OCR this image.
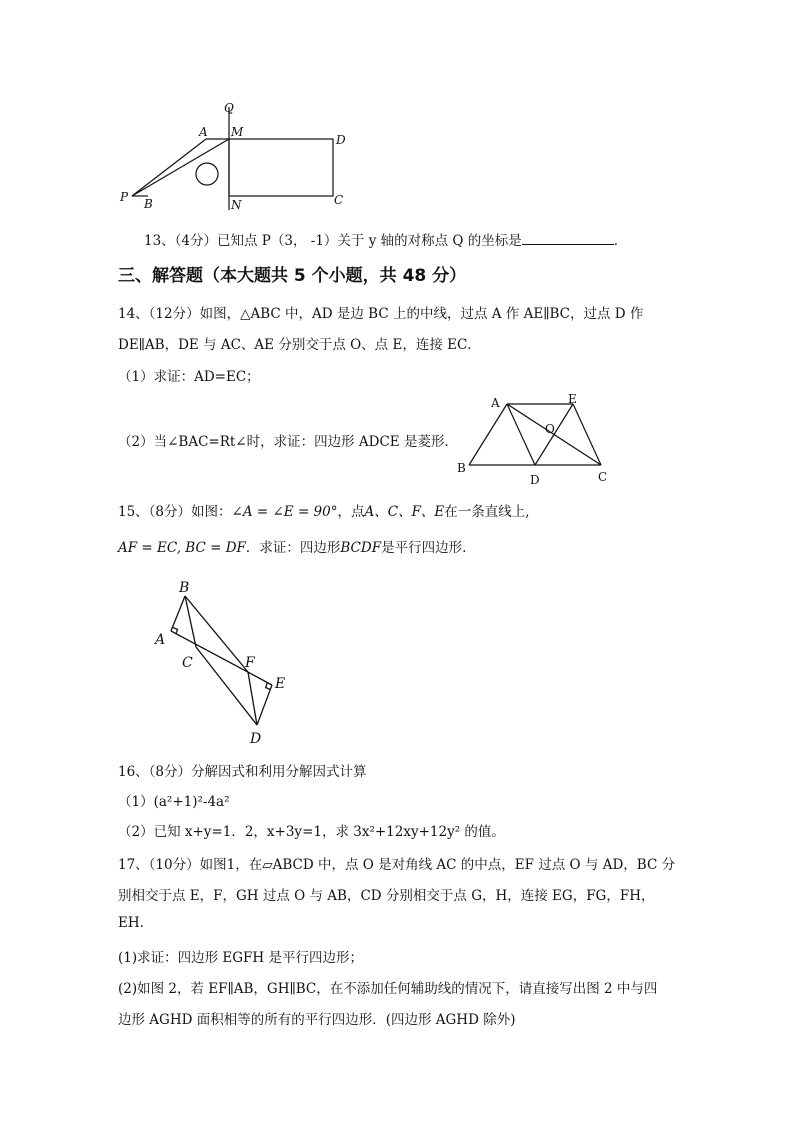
Q
A M
D
P B	N	C
13、（4分）已知点 P（3， -1）关于 y 轴的对称点 Q 的坐标是	．
三、解答题（本大题共 5 个小题，共 48 分）
14、（12分）如图，△ABC 中，AD 是边 BC 上的中线，过点 A 作 AE∥BC，过点 D 作
DE∥AB，DE 与 AC、AE 分别交于点 O、点 E，连接 EC．
（1）求证：AD=EC；
（2）当∠BAC=Rt∠时，求证：四边形 ADCE 是菱形．
A	E
O
B
D	C
15、（8分）如图：∠A = ∠E = 90°，点A、C、F、E在一条直线上,
AF = EC, BC = DF．求证：四边形BCDF是平行四边形.
B
A
C	F
E
D
16、（8分）分解因式和利用分解因式计算
（1）(a²+1)²-4a²
（2）已知 x+y=1．2，x+3y=1，求 3x²+12xy+12y² 的值。
17、（10分）如图1，在▱ABCD 中，点 O 是对角线 AC 的中点，EF 过点 O 与 AD，BC 分
别相交于点 E，F，GH 过点 O 与 AB，CD 分别相交于点 G，H，连接 EG，FG，FH，
EH.
(1)求证：四边形 EGFH 是平行四边形；
(2)如图 2，若 EF∥AB，GH∥BC，在不添加任何辅助线的情况下，请直接写出图 2 中与四
边形 AGHD 面积相等的所有的平行四边形．(四边形 AGHD 除外)
